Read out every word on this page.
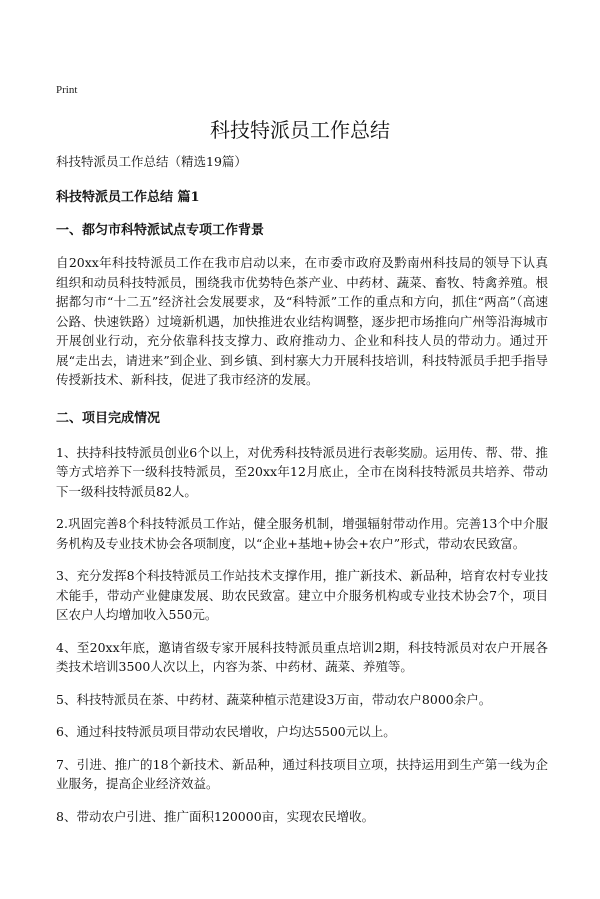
Print
科技特派员工作总结
科技特派员工作总结（精选19篇）
科技特派员工作总结 篇1
一、都匀市科特派试点专项工作背景

自20xx年科技特派员工作在我市启动以来，在市委市政府及黔南州科技局的领导下认真组织和动员科技特派员，围绕我市优势特色茶产业、中药材、蔬菜、畜牧、特禽养殖。根据都匀市“十二五”经济社会发展要求，及“科特派”工作的重点和方向，抓住“两高”（高速公路、快速铁路）过境新机遇，加快推进农业结构调整，逐步把市场推向广州等沿海城市开展创业行动，充分依靠科技支撑力、政府推动力、企业和科技人员的带动力。通过开展“走出去，请进来”到企业、到乡镇、到村寨大力开展科技培训，科技特派员手把手指导传授新技术、新科技，促进了我市经济的发展。

二、项目完成情况

1、扶持科技特派员创业6个以上，对优秀科技特派员进行表彰奖励。运用传、帮、带、推等方式培养下一级科技特派员，至20xx年12月底止，全市在岗科技特派员共培养、带动下一级科技特派员82人。

2.巩固完善8个科技特派员工作站，健全服务机制，增强辐射带动作用。完善13个中介服务机构及专业技术协会各项制度，以“企业+基地+协会+农户”形式，带动农民致富。

3、充分发挥8个科技特派员工作站技术支撑作用，推广新技术、新品种，培育农村专业技术能手，带动产业健康发展、助农民致富。建立中介服务机构或专业技术协会7个，项目区农户人均增加收入550元。

4、至20xx年底，邀请省级专家开展科技特派员重点培训2期，科技特派员对农户开展各类技术培训3500人次以上，内容为茶、中药材、蔬菜、养殖等。

5、科技特派员在茶、中药材、蔬菜种植示范建设3万亩，带动农户8000余户。

6、通过科技特派员项目带动农民增收，户均达5500元以上。

7、引进、推广的18个新技术、新品种，通过科技项目立项，扶持运用到生产第一线为企业服务，提高企业经济效益。

8、带动农户引进、推广面积120000亩，实现农民增收。
